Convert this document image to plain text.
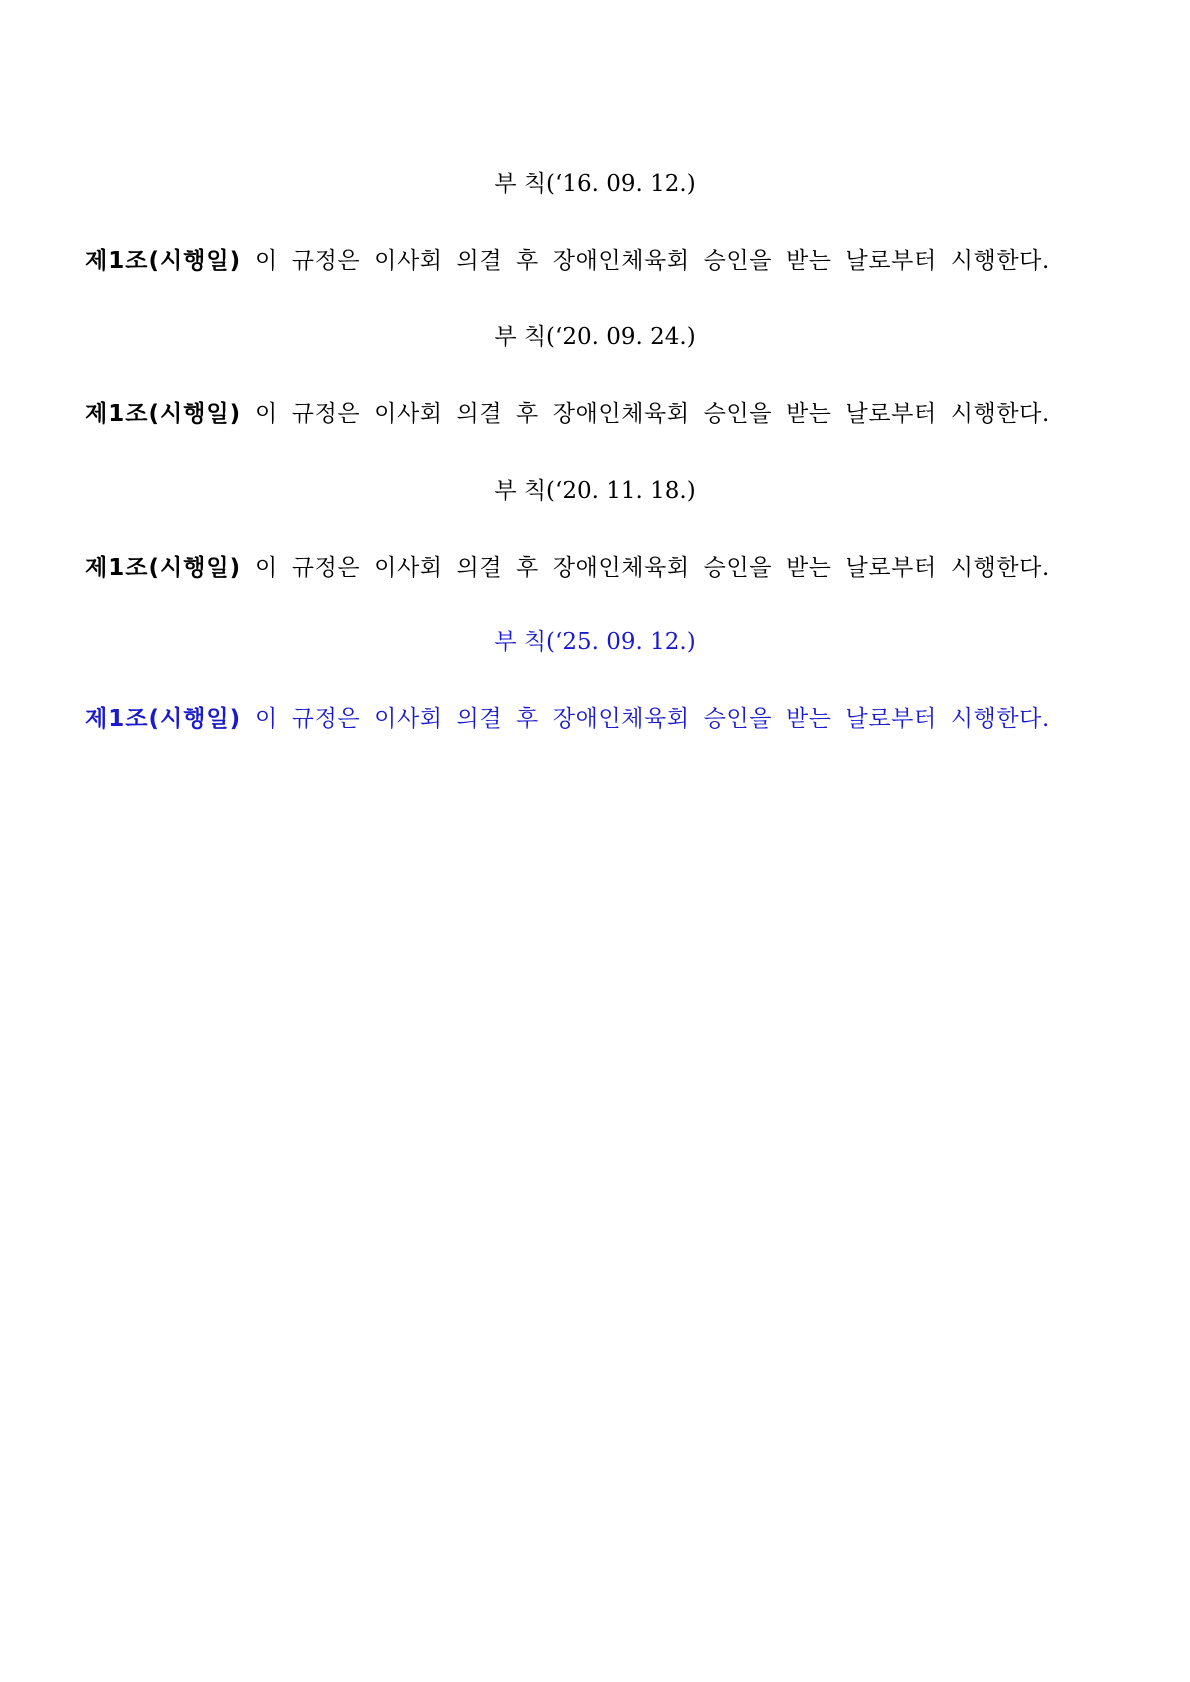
부 칙(‘16. 09. 12.)
제1조(시행일) 이 규정은 이사회 의결 후 장애인체육회 승인을 받는 날로부터 시행한다.
부 칙(‘20. 09. 24.)
제1조(시행일) 이 규정은 이사회 의결 후 장애인체육회 승인을 받는 날로부터 시행한다.
부 칙(‘20. 11. 18.)
제1조(시행일) 이 규정은 이사회 의결 후 장애인체육회 승인을 받는 날로부터 시행한다.
부 칙(‘25. 09. 12.)
제1조(시행일) 이 규정은 이사회 의결 후 장애인체육회 승인을 받는 날로부터 시행한다.
